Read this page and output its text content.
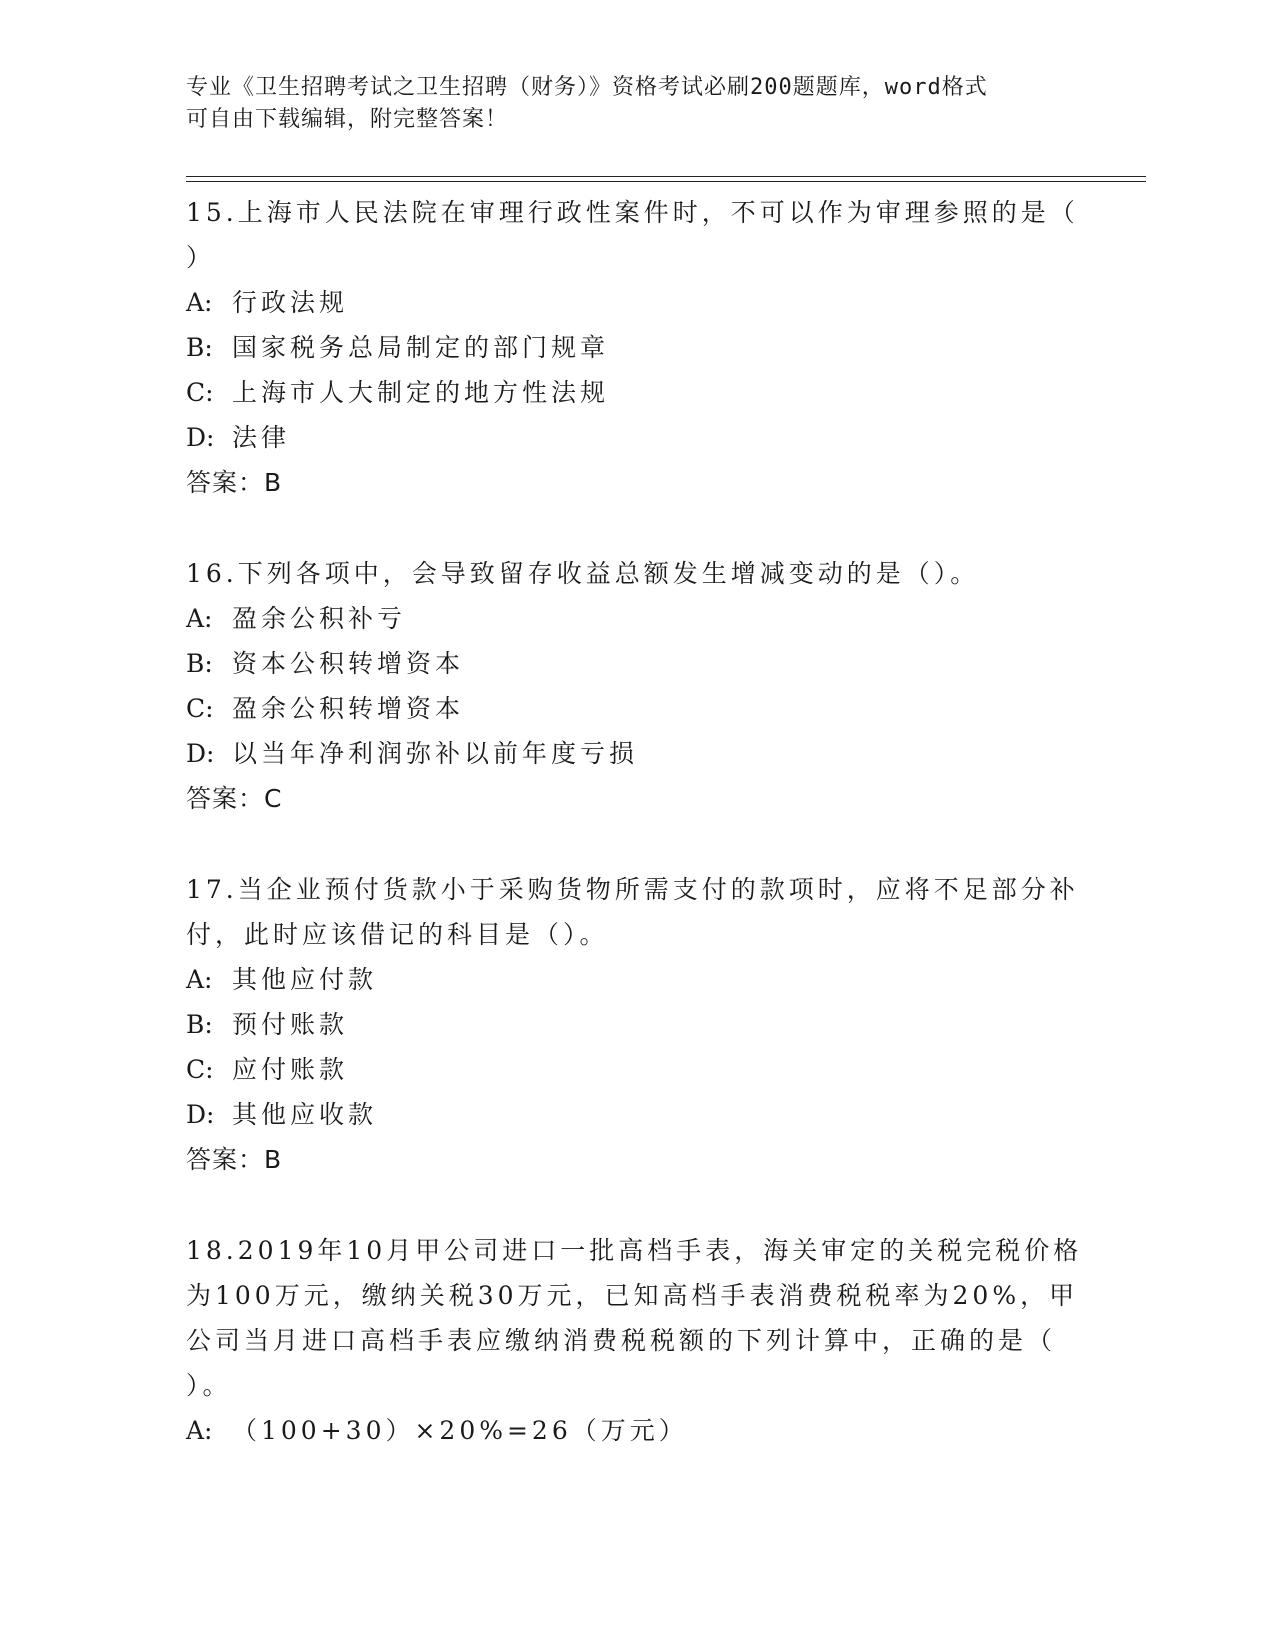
专业《卫生招聘考试之卫生招聘（财务）》资格考试必刷200题题库，word格式
可自由下载编辑，附完整答案！
15.上海市人民法院在审理行政性案件时，不可以作为审理参照的是（
）
A: 行政法规
B: 国家税务总局制定的部门规章
C: 上海市人大制定的地方性法规
D: 法律
答案：B
16.下列各项中，会导致留存收益总额发生增减变动的是（）。
A: 盈余公积补亏
B: 资本公积转增资本
C: 盈余公积转增资本
D: 以当年净利润弥补以前年度亏损
答案：C
17.当企业预付货款小于采购货物所需支付的款项时，应将不足部分补
付，此时应该借记的科目是（）。
A: 其他应付款
B: 预付账款
C: 应付账款
D: 其他应收款
答案：B
18.2019年10月甲公司进口一批高档手表，海关审定的关税完税价格
为100万元，缴纳关税30万元，已知高档手表消费税税率为20%，甲
公司当月进口高档手表应缴纳消费税税额的下列计算中，正确的是（
）。
A: （100+30）×20%=26（万元）
